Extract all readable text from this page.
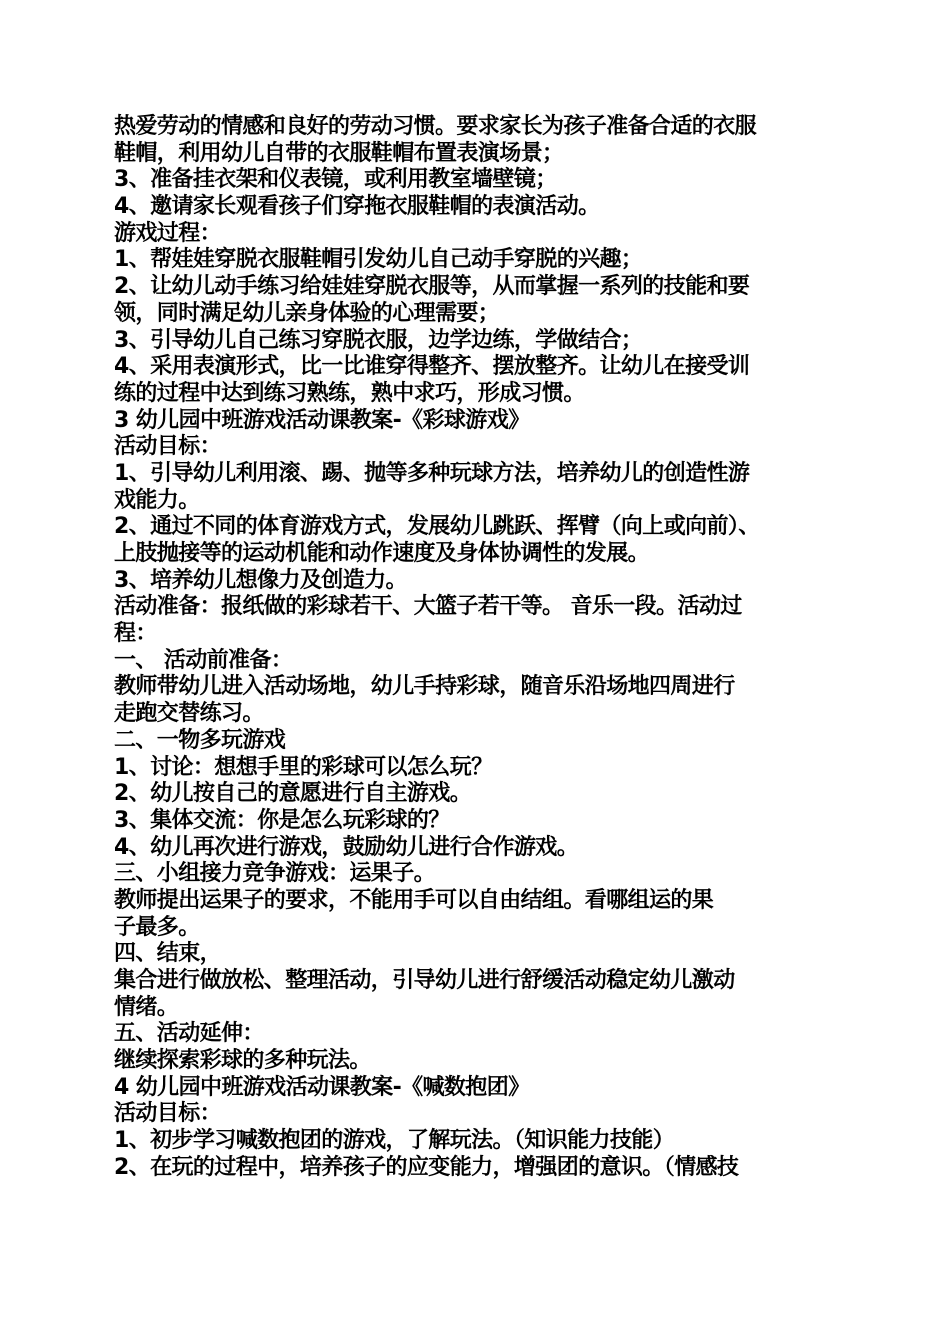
热爱劳动的情感和良好的劳动习惯。要求家长为孩子准备合适的衣服
鞋帽，利用幼儿自带的衣服鞋帽布置表演场景；
3、准备挂衣架和仪表镜，或利用教室墙壁镜；
4、邀请家长观看孩子们穿拖衣服鞋帽的表演活动。
游戏过程：
1、帮娃娃穿脱衣服鞋帽引发幼儿自己动手穿脱的兴趣；
2、让幼儿动手练习给娃娃穿脱衣服等，从而掌握一系列的技能和要
领，同时满足幼儿亲身体验的心理需要；
3、引导幼儿自己练习穿脱衣服，边学边练，学做结合；
4、采用表演形式，比一比谁穿得整齐、摆放整齐。让幼儿在接受训
练的过程中达到练习熟练，熟中求巧，形成习惯。
3 幼儿园中班游戏活动课教案-《彩球游戏》
活动目标：
1、引导幼儿利用滚、踢、抛等多种玩球方法，培养幼儿的创造性游
戏能力。
2、通过不同的体育游戏方式，发展幼儿跳跃、挥臂（向上或向前）、
上肢抛接等的运动机能和动作速度及身体协调性的发展。
3、培养幼儿想像力及创造力。
活动准备：报纸做的彩球若干、大篮子若干等。 音乐一段。活动过
程：
一、 活动前准备：
教师带幼儿进入活动场地，幼儿手持彩球，随音乐沿场地四周进行
走跑交替练习。
二、一物多玩游戏
1、讨论：想想手里的彩球可以怎么玩？
2、幼儿按自己的意愿进行自主游戏。
3、集体交流：你是怎么玩彩球的？
4、幼儿再次进行游戏，鼓励幼儿进行合作游戏。
三、小组接力竞争游戏：运果子。
教师提出运果子的要求，不能用手可以自由结组。看哪组运的果
子最多。
四、结束，
集合进行做放松、整理活动，引导幼儿进行舒缓活动稳定幼儿激动
情绪。
五、活动延伸：
继续探索彩球的多种玩法。
4 幼儿园中班游戏活动课教案-《喊数抱团》
活动目标：
1、初步学习喊数抱团的游戏，了解玩法。（知识能力技能）
2、在玩的过程中，培养孩子的应变能力，增强团的意识。（情感技
